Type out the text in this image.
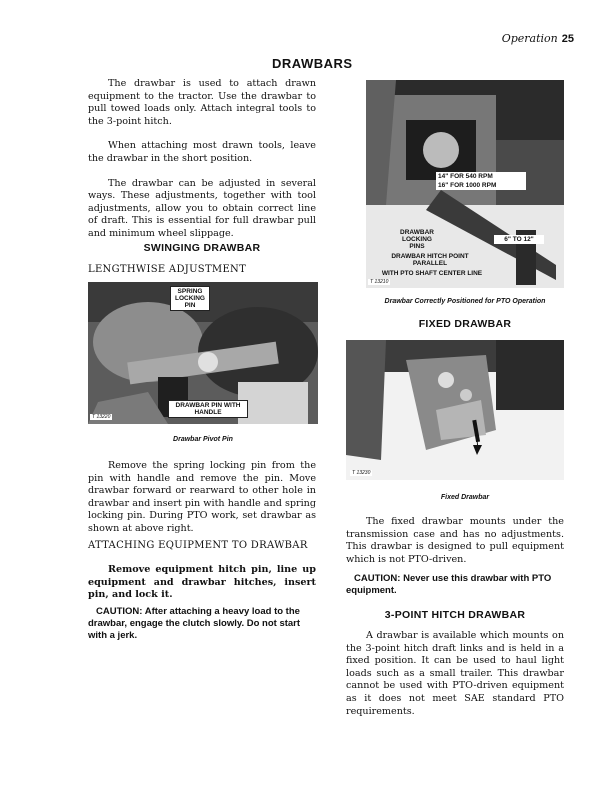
Operation 25
DRAWBARS

The drawbar is used to attach drawn equipment to the tractor. Use the drawbar to pull towed loads only. Attach integral tools to the 3-point hitch.

When attaching most drawn tools, leave the drawbar in the short position.

The drawbar can be adjusted in several ways. These adjustments, together with tool adjustments, allow you to obtain correct line of draft. This is essential for full drawbar pull and minimum wheel slippage.

SWINGING DRAWBAR
LENGTHWISE ADJUSTMENT
SPRING LOCKING PIN
DRAWBAR PIN WITH HANDLE
T 13220
Drawbar Pivot Pin

Remove the spring locking pin from the pin with handle and remove the pin. Move drawbar forward or rearward to other hole in drawbar and insert pin with handle and spring locking pin. During PTO work, set drawbar as shown at above right.

ATTACHING EQUIPMENT TO DRAWBAR

Remove equipment hitch pin, line up equipment and drawbar hitches, insert pin, and lock it.

CAUTION: After attaching a heavy load to the drawbar, engage the clutch slowly. Do not start with a jerk.

14" FOR 540 RPM
16" FOR 1000 RPM
DRAWBAR LOCKING PINS
6" TO 12"
DRAWBAR HITCH POINT PARALLEL
WITH PTO SHAFT CENTER LINE
T 13210
Drawbar Correctly Positioned for PTO Operation
FIXED DRAWBAR
T 13230
Fixed Drawbar

The fixed drawbar mounts under the transmission case and has no adjustments. This drawbar is designed to pull equipment which is not PTO-driven.

CAUTION: Never use this drawbar with PTO equipment.

3-POINT HITCH DRAWBAR

A drawbar is available which mounts on the 3-point hitch draft links and is held in a fixed position. It can be used to haul light loads such as a small trailer. This drawbar cannot be used with PTO-driven equipment as it does not meet SAE standard PTO requirements.
